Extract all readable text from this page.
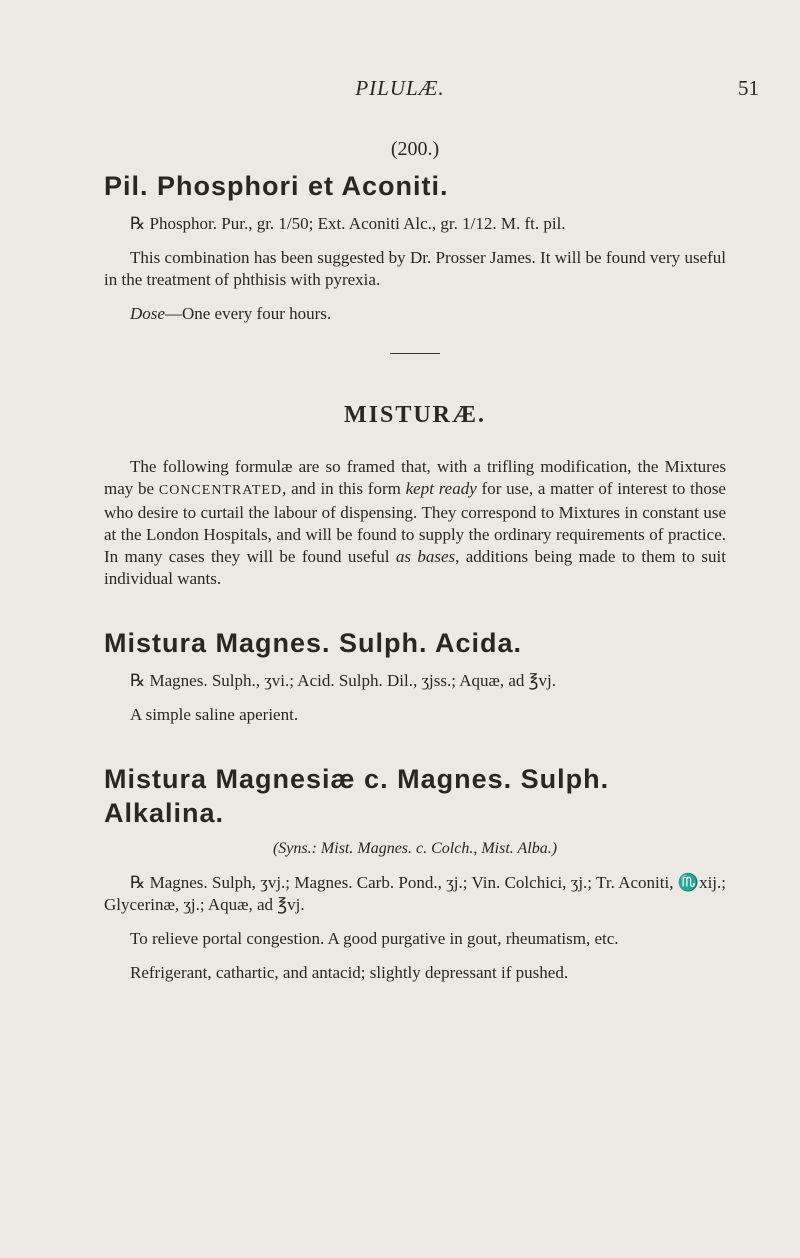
PILULÆ.	51
(200.)
Pil. Phosphori et Aconiti.

℞ Phosphor. Pur., gr. 1/50; Ext. Aconiti Alc., gr. 1/12. M. ft. pil.

This combination has been suggested by Dr. Prosser James. It will be found very useful in the treatment of phthisis with pyrexia.

Dose—One every four hours.

MISTURÆ.

The following formulæ are so framed that, with a trifling modification, the Mixtures may be CONCENTRATED, and in this form kept ready for use, a matter of interest to those who desire to curtail the labour of dispensing. They correspond to Mixtures in constant use at the London Hospitals, and will be found to supply the ordinary requirements of practice. In many cases they will be found useful as bases, additions being made to them to suit individual wants.

Mistura Magnes. Sulph. Acida.

℞ Magnes. Sulph., ʒvi.; Acid. Sulph. Dil., ʒjss.; Aquæ, ad ℥vj.

A simple saline aperient.

Mistura Magnesiæ c. Magnes. Sulph. Alkalina.
(Syns.: Mist. Magnes. c. Colch., Mist. Alba.)

℞ Magnes. Sulph, ʒvj.; Magnes. Carb. Pond., ʒj.; Vin. Colchici, ʒj.; Tr. Aconiti, ♏xij.; Glycerinæ, ʒj.; Aquæ, ad ℥vj.

To relieve portal congestion. A good purgative in gout, rheumatism, etc.

Refrigerant, cathartic, and antacid; slightly depressant if pushed.
